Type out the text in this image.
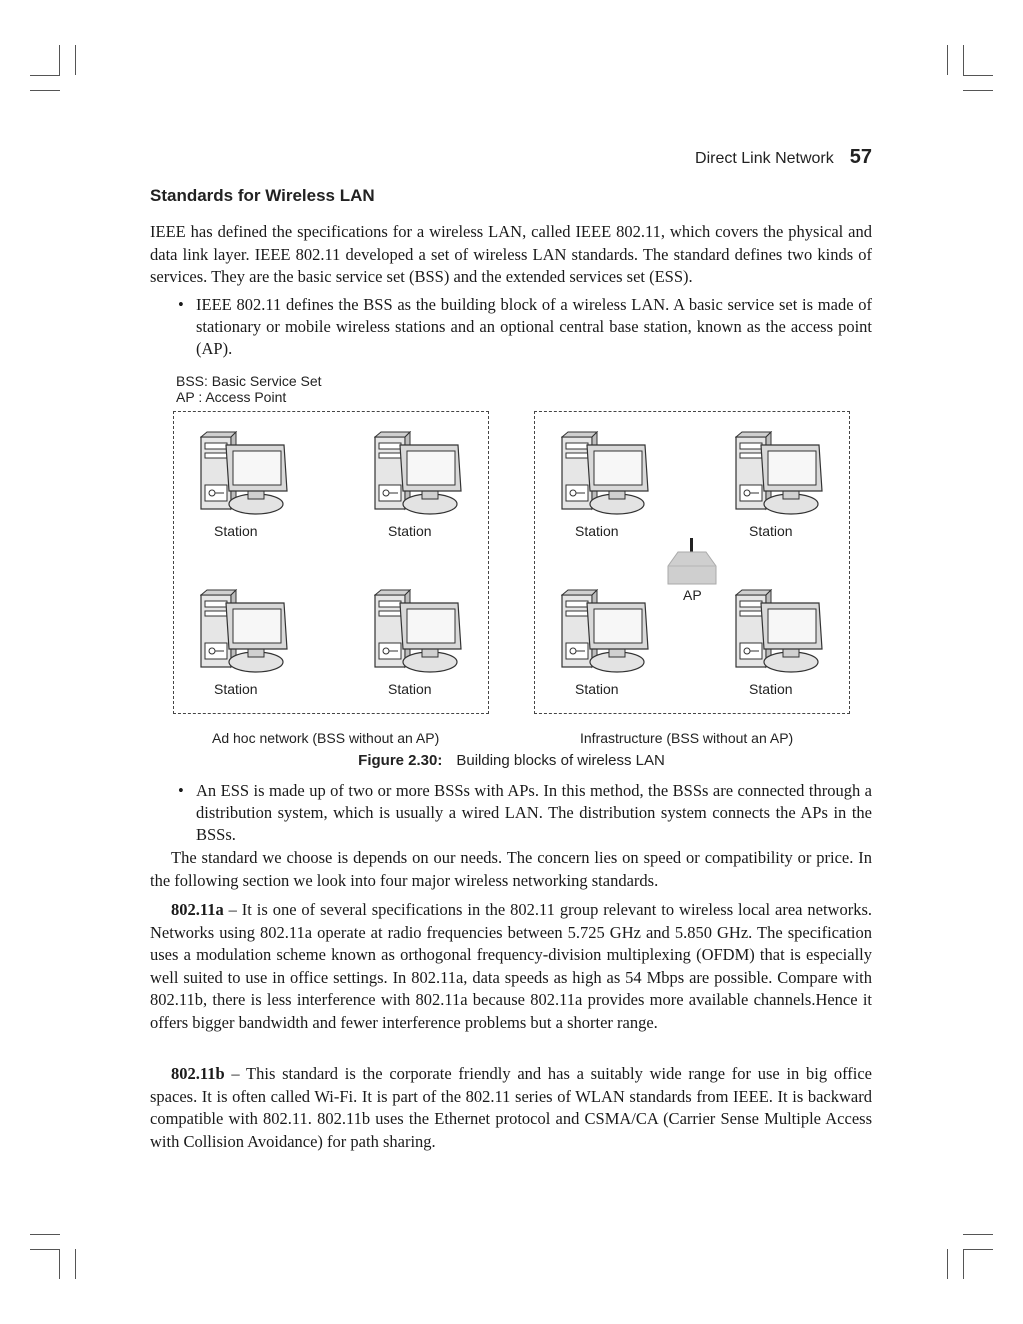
Direct Link Network 57
Standards for Wireless LAN

IEEE has defined the specifications for a wireless LAN, called IEEE 802.11, which covers the physical and data link layer. IEEE 802.11 developed a set of wireless LAN standards. The standard defines two kinds of services. They are the basic service set (BSS) and the extended services set (ESS).

• IEEE 802.11 defines the BSS as the building block of a wireless LAN. A basic service set is made of stationary or mobile wireless stations and an optional central base station, known as the access point (AP).
BSS: Basic Service Set
AP : Access Point
Station	Station
Station	Station
Station	Station
Station	Station
AP
Ad hoc network (BSS without an AP)	Infrastructure (BSS without an AP)
Figure 2.30: Building blocks of wireless LAN
• An ESS is made up of two or more BSSs with APs. In this method, the BSSs are connected through a distribution system, which is usually a wired LAN. The distribution system connects the APs in the BSSs.

The standard we choose is depends on our needs. The concern lies on speed or compatibility or price. In the following section we look into four major wireless networking standards.

802.11a – It is one of several specifications in the 802.11 group relevant to wireless local area networks. Networks using 802.11a operate at radio frequencies between 5.725 GHz and 5.850 GHz. The specification uses a modulation scheme known as orthogonal frequency-division multiplexing (OFDM) that is especially well suited to use in office settings. In 802.11a, data speeds as high as 54 Mbps are possible. Compare with 802.11b, there is less interference with 802.11a because 802.11a provides more available channels.Hence it offers bigger bandwidth and fewer interference problems but a shorter range.

802.11b – This standard is the corporate friendly and has a suitably wide range for use in big office spaces. It is often called Wi-Fi. It is part of the 802.11 series of WLAN standards from IEEE. It is backward compatible with 802.11. 802.11b uses the Ethernet protocol and CSMA/CA (Carrier Sense Multiple Access with Collision Avoidance) for path sharing.
